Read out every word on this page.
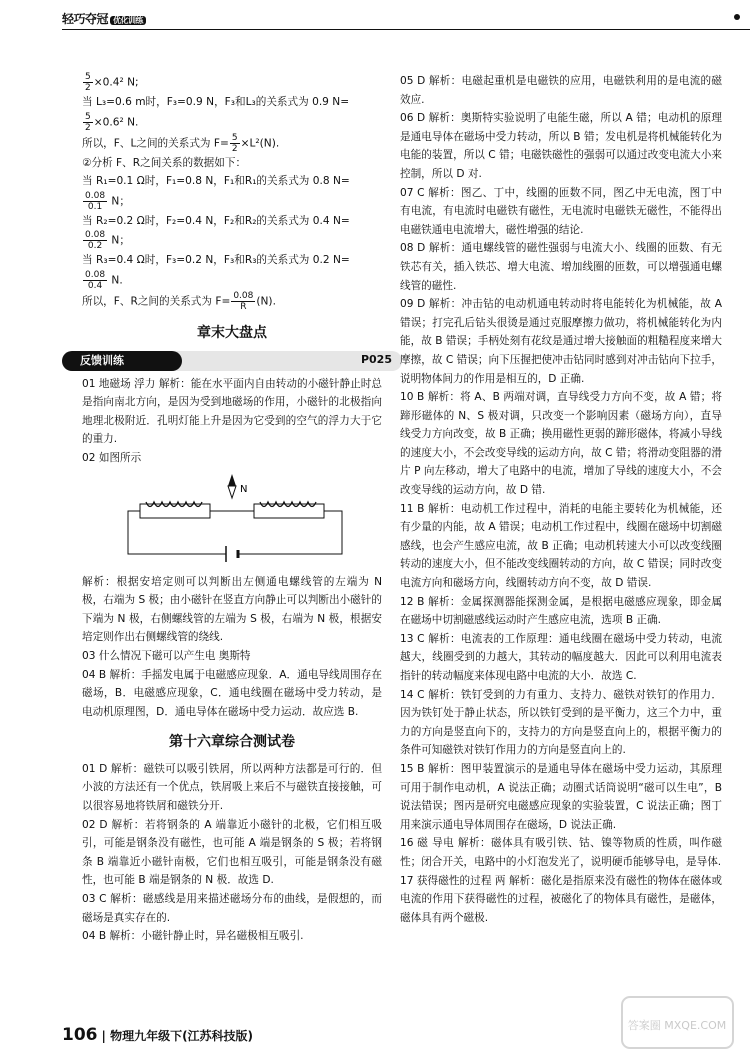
轻巧夺冠 优化训练

$\frac{5}{2} \times 0.4^2$ N;

当 L₃=0.6 m时，F₃=0.9 N，F₃和L₃的关系式为 0.9 N=

$\frac{5}{2} \times 0.6^2$ N.

所以，F、L之间的关系式为 $F= \frac{5}{2} \times L^2(N)$.

②分析 F、R之间关系的数据如下：

当 R₁=0.1 Ω时，F₁=0.8 N，F₁和R₁的关系式为 0.8 N=

$\frac{0.08}{0.1}$ N；

当 R₂=0.2 Ω时，F₂=0.4 N，F₂和R₂的关系式为 0.4 N=

$\frac{0.08}{0.2}$ N；

当 R₃=0.4 Ω时，F₃=0.2 N，F₃和R₃的关系式为 0.2 N=

$\frac{0.08}{0.4} N$.

所以，F、R之间的关系式为 $F= \frac{0.08}{R} (N)$.

章末大盘点
反馈训练	P025

01 地磁场 浮力 解析：能在水平面内自由转动的小磁针静止时总是指向南北方向，是因为受到地磁场的作用，小磁针的北极指向地理北极附近．孔明灯能上升是因为它受到的空气的浮力大于它的重力.

02 如图所示

N

解析：根据安培定则可以判断出左侧通电螺线管的左端为 N 极，右端为 S 极；由小磁针在竖直方向静止可以判断出小磁针的下端为 N 极，右侧螺线管的左端为 S 极，右端为 N 极，根据安培定则作出右侧螺线管的绕线.

03 什么情况下磁可以产生电 奥斯特

04 B 解析：手摇发电属于电磁感应现象．A．通电导线周围存在磁场，B．电磁感应现象，C．通电线圈在磁场中受力转动，是电动机原理图，D．通电导体在磁场中受力运动．故应选 B.

第十六章综合测试卷

01 D 解析：磁铁可以吸引铁屑，所以两种方法都是可行的．但小波的方法还有一个优点，铁屑吸上来后不与磁铁直接接触，可以很容易地将铁屑和磁铁分开.

02 D 解析：若将钢条的 A 端靠近小磁针的北极，它们相互吸引，可能是钢条没有磁性，也可能 A 端是钢条的 S 极；若将钢条 B 端靠近小磁针南极，它们也相互吸引，可能是钢条没有磁性，也可能 B 端是钢条的 N 极．故选 D.

03 C 解析：磁感线是用来描述磁场分布的曲线，是假想的，而磁场是真实存在的.

04 B 解析：小磁针静止时，异名磁极相互吸引.

05 D 解析：电磁起重机是电磁铁的应用，电磁铁利用的是电流的磁效应.

06 D 解析：奥斯特实验说明了电能生磁，所以 A 错；电动机的原理是通电导体在磁场中受力转动，所以 B 错；发电机是将机械能转化为电能的装置，所以 C 错；电磁铁磁性的强弱可以通过改变电流大小来控制，所以 D 对.

07 C 解析：图乙、丁中，线圈的匝数不同，图乙中无电流，图丁中有电流，有电流时电磁铁有磁性，无电流时电磁铁无磁性，不能得出电磁铁通电电流增大，磁性增强的结论.

08 D 解析：通电螺线管的磁性强弱与电流大小、线圈的匝数、有无铁芯有关，插入铁芯、增大电流、增加线圈的匝数，可以增强通电螺线管的磁性.

09 D 解析：冲击钻的电动机通电转动时将电能转化为机械能，故 A 错误；打完孔后钻头很烫是通过克服摩擦力做功，将机械能转化为内能，故 B 错误；手柄处刻有花纹是通过增大接触面的粗糙程度来增大摩擦，故 C 错误；向下压握把使冲击钻同时感到对冲击钻向下拉手，说明物体间力的作用是相互的，D 正确.

10 B 解析：将 A、B 两端对调，直导线受力方向不变，故 A 错；将蹄形磁体的 N、S 极对调，只改变一个影响因素（磁场方向），直导线受力方向改变，故 B 正确；换用磁性更弱的蹄形磁体，将减小导线的速度大小，不会改变导线的运动方向，故 C 错；将滑动变阻器的滑片 P 向左移动，增大了电路中的电流，增加了导线的速度大小，不会改变导线的运动方向，故 D 错.

11 B 解析：电动机工作过程中，消耗的电能主要转化为机械能，还有少量的内能，故 A 错误；电动机工作过程中，线圈在磁场中切割磁感线，也会产生感应电流，故 B 正确；电动机转速大小可以改变线圈转动的速度大小，但不能改变线圈转动的方向，故 C 错误；同时改变电流方向和磁场方向，线圈转动方向不变，故 D 错误.

12 B 解析：金属探测器能探测金属，是根据电磁感应现象，即金属在磁场中切割磁感线运动时产生感应电流，选项 B 正确.

13 C 解析：电流表的工作原理：通电线圈在磁场中受力转动，电流越大，线圈受到的力越大，其转动的幅度越大．因此可以利用电流表指针的转动幅度来体现电路中电流的大小．故选 C.

14 C 解析：铁钉受到的力有重力、支持力、磁铁对铁钉的作用力．因为铁钉处于静止状态，所以铁钉受到的是平衡力，这三个力中，重力的方向是竖直向下的，支持力的方向是竖直向上的，根据平衡力的条件可知磁铁对铁钉作用力的方向是竖直向上的.

15 B 解析：图甲装置演示的是通电导体在磁场中受力运动，其原理可用于制作电动机，A 说法正确；动圈式话筒说明“磁可以生电”，B 说法错误；图丙是研究电磁感应现象的实验装置，C 说法正确；图丁用来演示通电导体周围存在磁场，D 说法正确.

16 磁 导电 解析：磁体具有吸引铁、钴、镍等物质的性质，叫作磁性；闭合开关，电路中的小灯泡发光了，说明硬币能够导电，是导体.

17 获得磁性的过程 两 解析：磁化是指原来没有磁性的物体在磁体或电流的作用下获得磁性的过程，被磁化了的物体具有磁性，是磁体，磁体具有两个磁极.

106 | 物理九年级下(江苏科技版)
答案圈 MXQE.COM
